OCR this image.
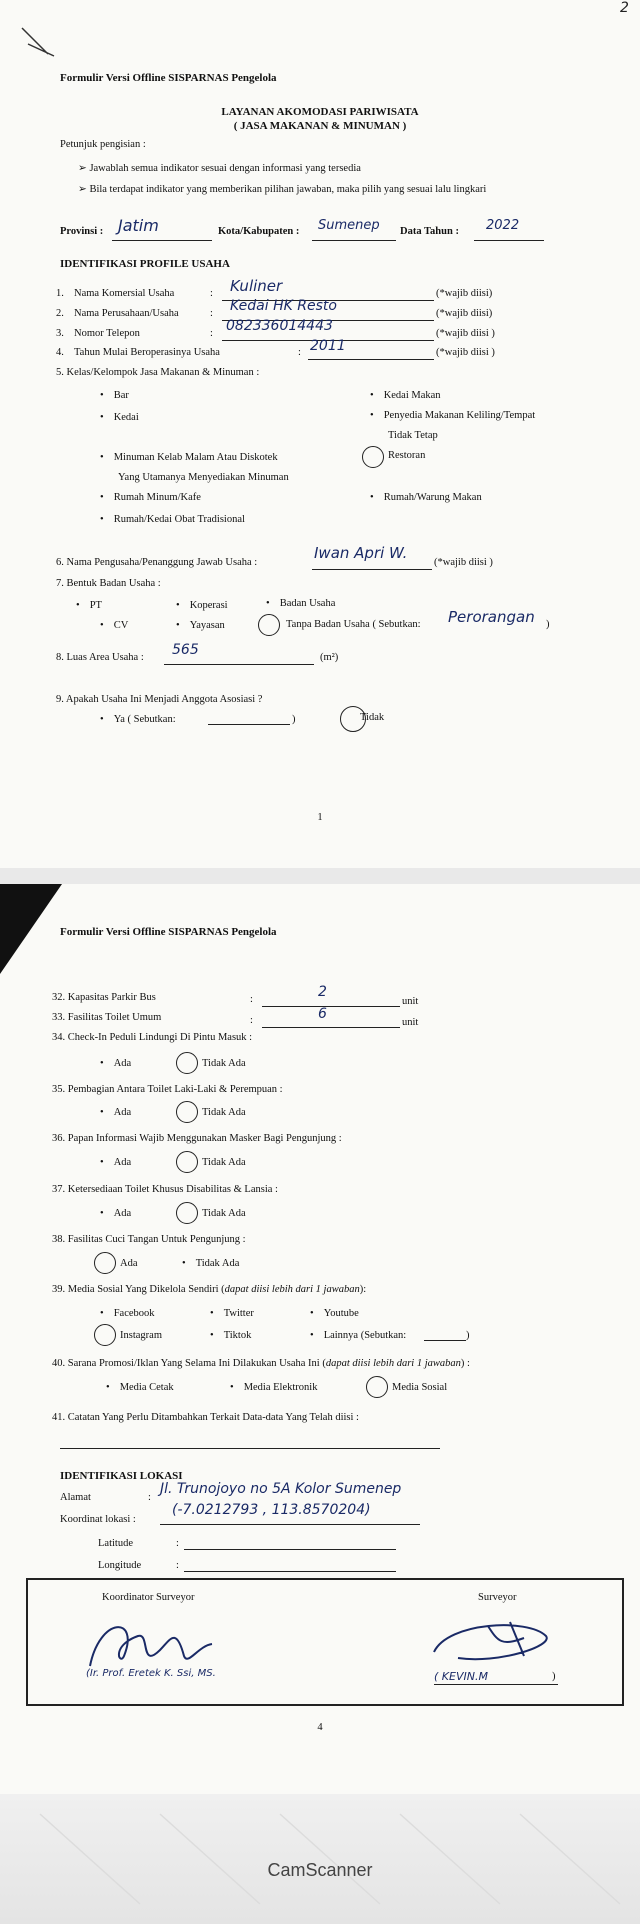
2
Formulir Versi Offline SISPARNAS Pengelola
LAYANAN AKOMODASI PARIWISATA
( JASA MAKANAN & MINUMAN )
Petunjuk pengisian :
➢ Jawablah semua indikator sesuai dengan informasi yang tersedia
➢ Bila terdapat indikator yang memberikan pilihan jawaban, maka pilih yang sesuai lalu lingkari
Provinsi : Jatim	Kota/Kabupaten : Sumenep Data Tahun : 2022
IDENTIFIKASI PROFILE USAHA
1. Nama Komersial Usaha	: Kuliner	(*wajib diisi)
2. Nama Perusahaan/Usaha	: Kedai HK Resto	(*wajib diisi)
3. Nomor Telepon	: 082336014443	(*wajib diisi )
4. Tahun Mulai Beroperasinya Usaha	: 2011	(*wajib diisi )
5. Kelas/Kelompok Jasa Makanan & Minuman :
• Bar
• Kedai
• Minuman Kelab Malam Atau Diskotek
Yang Utamanya Menyediakan Minuman
• Rumah Minum/Kafe
• Rumah/Kedai Obat Tradisional
• Kedai Makan
• Penyedia Makanan Keliling/Tempat
Tidak Tetap
Restoran
• Rumah/Warung Makan
6. Nama Pengusaha/Penanggung Jawab Usaha :
Iwan Apri W.
(*wajib diisi )
7. Bentuk Badan Usaha :
• PT	• Koperasi	• Badan Usaha
• CV	• Yayasan	Tanpa Badan Usaha ( Sebutkan: Perorangan )
8. Luas Area Usaha : 565	(m²)
9. Apakah Usaha Ini Menjadi Anggota Asosiasi ?
• Ya ( Sebutkan:	)	Tidak
1
Formulir Versi Offline SISPARNAS Pengelola
32. Kapasitas Parkir Bus	:	2
unit
33. Fasilitas Toilet Umum	:	6
unit
34. Check-In Peduli Lindungi Di Pintu Masuk :
• Ada	Tidak Ada
35. Pembagian Antara Toilet Laki-Laki & Perempuan :
• Ada	Tidak Ada
36. Papan Informasi Wajib Menggunakan Masker Bagi Pengunjung :
• Ada	Tidak Ada
37. Ketersediaan Toilet Khusus Disabilitas & Lansia :
• Ada	Tidak Ada
38. Fasilitas Cuci Tangan Untuk Pengunjung :
Ada	• Tidak Ada
39. Media Sosial Yang Dikelola Sendiri (dapat diisi lebih dari 1 jawaban):
• Facebook	• Twitter	• Youtube
Instagram	• Tiktok	• Lainnya (Sebutkan:	)
40. Sarana Promosi/Iklan Yang Selama Ini Dilakukan Usaha Ini (dapat diisi lebih dari 1 jawaban) :
• Media Cetak	• Media Elektronik	Media Sosial
41. Catatan Yang Perlu Ditambahkan Terkait Data-data Yang Telah diisi :
IDENTIFIKASI LOKASI
Alamat	:
Jl. Trunojoyo no 5A Kolor Sumenep
Koordinat lokasi :
(-7.0212793 , 113.8570204)
Latitude	:
Longitude	:
Koordinator Surveyor	Surveyor
(Ir. Prof. Eretek K. Ssi, MS.	( KEVIN.M	)
4
CamScanner
